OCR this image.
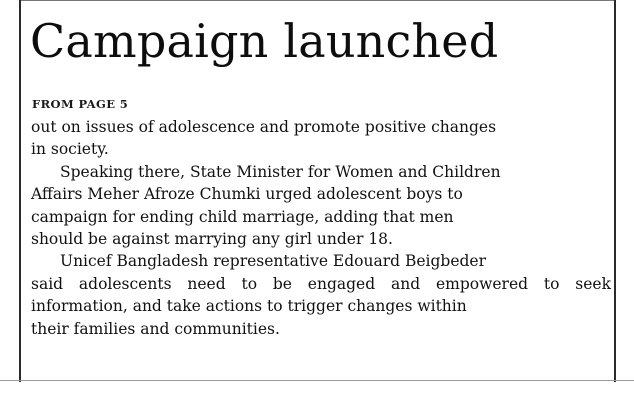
Campaign launched
FROM PAGE 5

out on issues of adolescence and promote positive changes
in society.

Speaking there, State Minister for Women and Children
Affairs Meher Afroze Chumki urged adolescent boys to
campaign for ending child marriage, adding that men
should be against marrying any girl under 18.

Unicef Bangladesh representative Edouard Beigbeder
said adolescents need to be engaged and empowered to seek
information, and take actions to trigger changes within
their families and communities.
